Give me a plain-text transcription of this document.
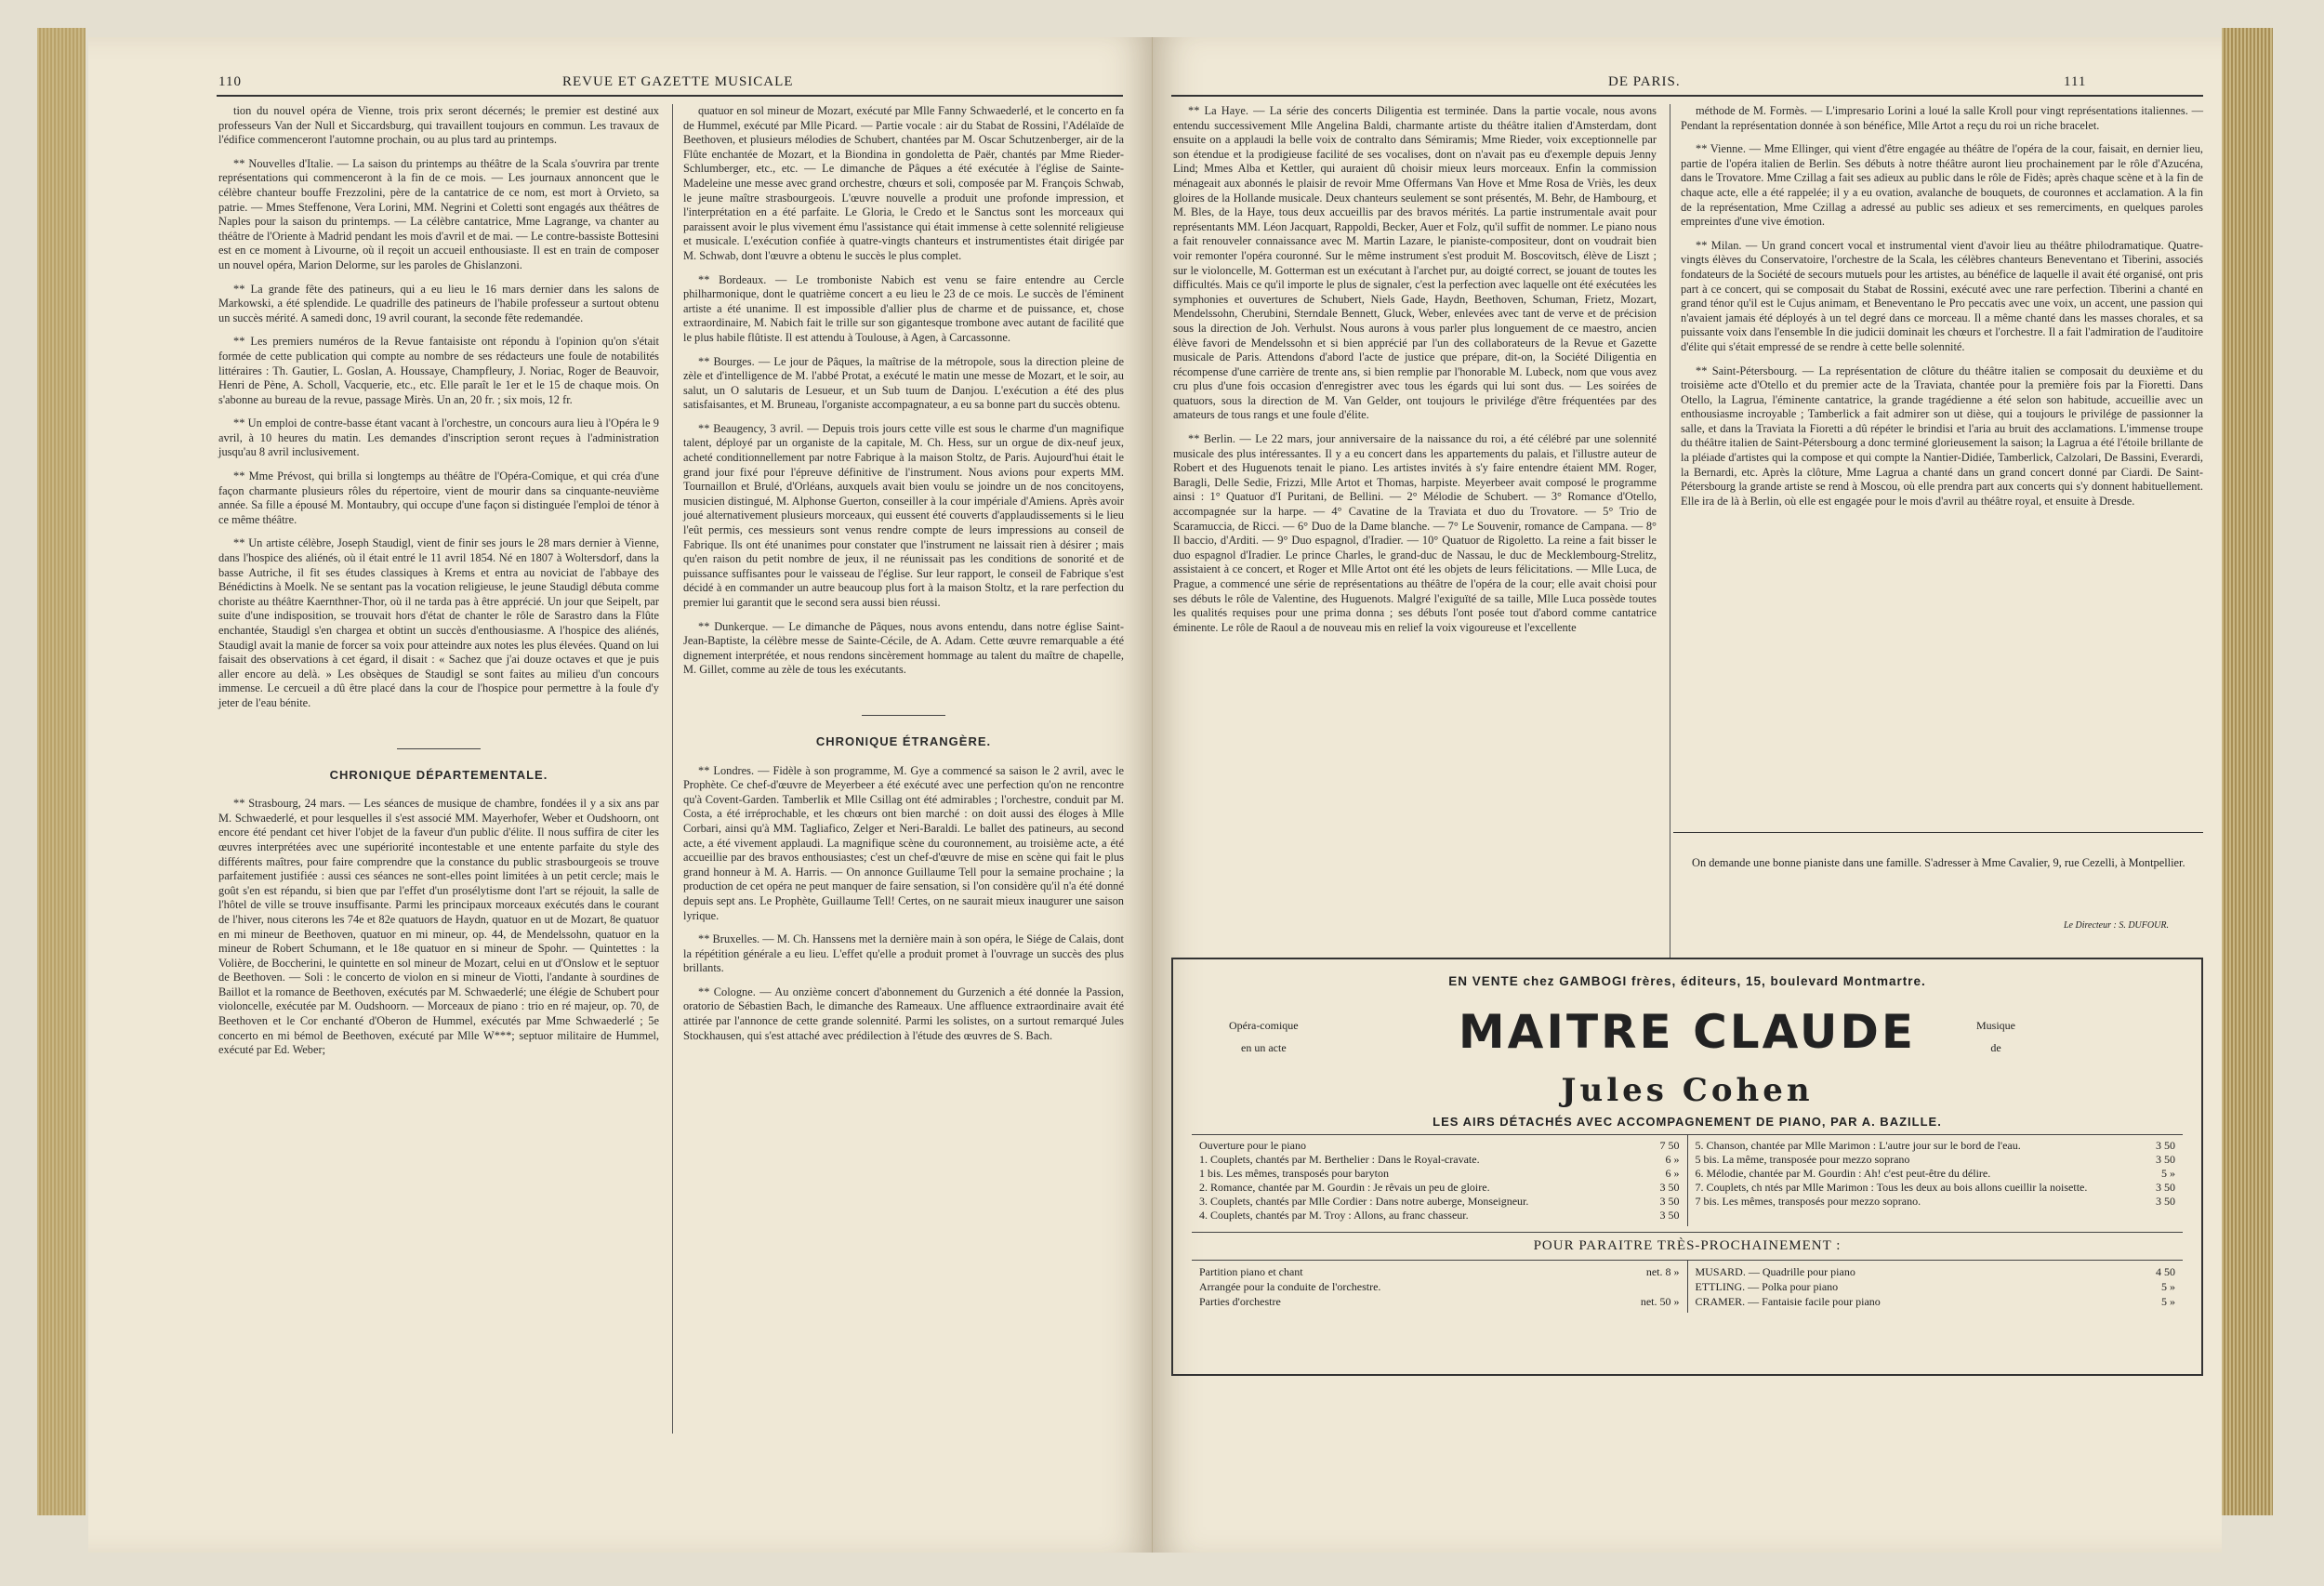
110	REVUE ET GAZETTE MUSICALE

tion du nouvel opéra de Vienne, trois prix seront décernés; le premier est destiné aux professeurs Van der Null et Siccardsburg, qui travaillent toujours en commun. Les travaux de l'édifice commenceront l'automne prochain, ou au plus tard au printemps.

** Nouvelles d'Italie. — La saison du printemps au théâtre de la Scala s'ouvrira par trente représentations qui commenceront à la fin de ce mois. — Les journaux annoncent que le célèbre chanteur bouffe Frezzolini, père de la cantatrice de ce nom, est mort à Orvieto, sa patrie. — Mmes Steffenone, Vera Lorini, MM. Negrini et Coletti sont engagés aux théâtres de Naples pour la saison du printemps. — La célèbre cantatrice, Mme Lagrange, va chanter au théâtre de l'Oriente à Madrid pendant les mois d'avril et de mai. — Le contre-bassiste Bottesini est en ce moment à Livourne, où il reçoit un accueil enthousiaste. Il est en train de composer un nouvel opéra, Marion Delorme, sur les paroles de Ghislanzoni.

** La grande fête des patineurs, qui a eu lieu le 16 mars dernier dans les salons de Markowski, a été splendide. Le quadrille des patineurs de l'habile professeur a surtout obtenu un succès mérité. A samedi donc, 19 avril courant, la seconde fête redemandée.

** Les premiers numéros de la Revue fantaisiste ont répondu à l'opinion qu'on s'était formée de cette publication qui compte au nombre de ses rédacteurs une foule de notabilités littéraires : Th. Gautier, L. Goslan, A. Houssaye, Champfleury, J. Noriac, Roger de Beauvoir, Henri de Pène, A. Scholl, Vacquerie, etc., etc. Elle paraît le 1er et le 15 de chaque mois. On s'abonne au bureau de la revue, passage Mirès. Un an, 20 fr. ; six mois, 12 fr.

** Un emploi de contre-basse étant vacant à l'orchestre, un concours aura lieu à l'Opéra le 9 avril, à 10 heures du matin. Les demandes d'inscription seront reçues à l'administration jusqu'au 8 avril inclusivement.

** Mme Prévost, qui brilla si longtemps au théâtre de l'Opéra-Comique, et qui créa d'une façon charmante plusieurs rôles du répertoire, vient de mourir dans sa cinquante-neuvième année. Sa fille a épousé M. Montaubry, qui occupe d'une façon si distinguée l'emploi de ténor à ce même théâtre.

** Un artiste célèbre, Joseph Staudigl, vient de finir ses jours le 28 mars dernier à Vienne, dans l'hospice des aliénés, où il était entré le 11 avril 1854. Né en 1807 à Woltersdorf, dans la basse Autriche, il fit ses études classiques à Krems et entra au noviciat de l'abbaye des Bénédictins à Moelk. Ne se sentant pas la vocation religieuse, le jeune Staudigl débuta comme choriste au théâtre Kaernthner-Thor, où il ne tarda pas à être apprécié. Un jour que Seipelt, par suite d'une indisposition, se trouvait hors d'état de chanter le rôle de Sarastro dans la Flûte enchantée, Staudigl s'en chargea et obtint un succès d'enthousiasme. A l'hospice des aliénés, Staudigl avait la manie de forcer sa voix pour atteindre aux notes les plus élevées. Quand on lui faisait des observations à cet égard, il disait : « Sachez que j'ai douze octaves et que je puis aller encore au delà. » Les obsèques de Staudigl se sont faites au milieu d'un concours immense. Le cercueil a dû être placé dans la cour de l'hospice pour permettre à la foule d'y jeter de l'eau bénite.

CHRONIQUE DÉPARTEMENTALE.

** Strasbourg, 24 mars. — Les séances de musique de chambre, fondées il y a six ans par M. Schwaederlé, et pour lesquelles il s'est associé MM. Mayerhofer, Weber et Oudshoorn, ont encore été pendant cet hiver l'objet de la faveur d'un public d'élite. Il nous suffira de citer les œuvres interprétées avec une supériorité incontestable et une entente parfaite du style des différents maîtres, pour faire comprendre que la constance du public strasbourgeois se trouve parfaitement justifiée : aussi ces séances ne sont-elles point limitées à un petit cercle; mais le goût s'en est répandu, si bien que par l'effet d'un prosélytisme dont l'art se réjouit, la salle de l'hôtel de ville se trouve insuffisante. Parmi les principaux morceaux exécutés dans le courant de l'hiver, nous citerons les 74e et 82e quatuors de Haydn, quatuor en ut de Mozart, 8e quatuor en mi mineur de Beethoven, quatuor en mi mineur, op. 44, de Mendelssohn, quatuor en la mineur de Robert Schumann, et le 18e quatuor en si mineur de Spohr. — Quintettes : la Volière, de Boccherini, le quintette en sol mineur de Mozart, celui en ut d'Onslow et le septuor de Beethoven. — Soli : le concerto de violon en si mineur de Viotti, l'andante à sourdines de Baillot et la romance de Beethoven, exécutés par M. Schwaederlé; une élégie de Schubert pour violoncelle, exécutée par M. Oudshoorn. — Morceaux de piano : trio en ré majeur, op. 70, de Beethoven et le Cor enchanté d'Oberon de Hummel, exécutés par Mme Schwaederlé ; 5e concerto en mi bémol de Beethoven, exécuté par Mlle W***; septuor militaire de Hummel, exécuté par Ed. Weber;

quatuor en sol mineur de Mozart, exécuté par Mlle Fanny Schwaederlé, et le concerto en fa de Hummel, exécuté par Mlle Picard. — Partie vocale : air du Stabat de Rossini, l'Adélaïde de Beethoven, et plusieurs mélodies de Schubert, chantées par M. Oscar Schutzenberger, air de la Flûte enchantée de Mozart, et la Biondina in gondoletta de Paër, chantés par Mme Rieder-Schlumberger, etc., etc. — Le dimanche de Pâques a été exécutée à l'église de Sainte-Madeleine une messe avec grand orchestre, chœurs et soli, composée par M. François Schwab, le jeune maître strasbourgeois. L'œuvre nouvelle a produit une profonde impression, et l'interprétation en a été parfaite. Le Gloria, le Credo et le Sanctus sont les morceaux qui paraissent avoir le plus vivement ému l'assistance qui était immense à cette solennité religieuse et musicale. L'exécution confiée à quatre-vingts chanteurs et instrumentistes était dirigée par M. Schwab, dont l'œuvre a obtenu le succès le plus complet.

** Bordeaux. — Le tromboniste Nabich est venu se faire entendre au Cercle philharmonique, dont le quatrième concert a eu lieu le 23 de ce mois. Le succès de l'éminent artiste a été unanime. Il est impossible d'allier plus de charme et de puissance, et, chose extraordinaire, M. Nabich fait le trille sur son gigantesque trombone avec autant de facilité que le plus habile flûtiste. Il est attendu à Toulouse, à Agen, à Carcassonne.

** Bourges. — Le jour de Pâques, la maîtrise de la métropole, sous la direction pleine de zèle et d'intelligence de M. l'abbé Protat, a exécuté le matin une messe de Mozart, et le soir, au salut, un O salutaris de Lesueur, et un Sub tuum de Danjou. L'exécution a été des plus satisfaisantes, et M. Bruneau, l'organiste accompagnateur, a eu sa bonne part du succès obtenu.

** Beaugency, 3 avril. — Depuis trois jours cette ville est sous le charme d'un magnifique talent, déployé par un organiste de la capitale, M. Ch. Hess, sur un orgue de dix-neuf jeux, acheté conditionnellement par notre Fabrique à la maison Stoltz, de Paris. Aujourd'hui était le grand jour fixé pour l'épreuve définitive de l'instrument. Nous avions pour experts MM. Tournaillon et Brulé, d'Orléans, auxquels avait bien voulu se joindre un de nos concitoyens, musicien distingué, M. Alphonse Guerton, conseiller à la cour impériale d'Amiens. Après avoir joué alternativement plusieurs morceaux, qui eussent été couverts d'applaudissements si le lieu l'eût permis, ces messieurs sont venus rendre compte de leurs impressions au conseil de Fabrique. Ils ont été unanimes pour constater que l'instrument ne laissait rien à désirer ; mais qu'en raison du petit nombre de jeux, il ne réunissait pas les conditions de sonorité et de puissance suffisantes pour le vaisseau de l'église. Sur leur rapport, le conseil de Fabrique s'est décidé à en commander un autre beaucoup plus fort à la maison Stoltz, et la rare perfection du premier lui garantit que le second sera aussi bien réussi.

** Dunkerque. — Le dimanche de Pâques, nous avons entendu, dans notre église Saint-Jean-Baptiste, la célèbre messe de Sainte-Cécile, de A. Adam. Cette œuvre remarquable a été dignement interprétée, et nous rendons sincèrement hommage au talent du maître de chapelle, M. Gillet, comme au zèle de tous les exécutants.

CHRONIQUE ÉTRANGÈRE.

** Londres. — Fidèle à son programme, M. Gye a commencé sa saison le 2 avril, avec le Prophète. Ce chef-d'œuvre de Meyerbeer a été exécuté avec une perfection qu'on ne rencontre qu'à Covent-Garden. Tamberlik et Mlle Csillag ont été admirables ; l'orchestre, conduit par M. Costa, a été irréprochable, et les chœurs ont bien marché : on doit aussi des éloges à Mlle Corbari, ainsi qu'à MM. Tagliafico, Zelger et Neri-Baraldi. Le ballet des patineurs, au second acte, a été vivement applaudi. La magnifique scène du couronnement, au troisième acte, a été accueillie par des bravos enthousiastes; c'est un chef-d'œuvre de mise en scène qui fait le plus grand honneur à M. A. Harris. — On annonce Guillaume Tell pour la semaine prochaine ; la production de cet opéra ne peut manquer de faire sensation, si l'on considère qu'il n'a été donné depuis sept ans. Le Prophète, Guillaume Tell! Certes, on ne saurait mieux inaugurer une saison lyrique.

** Bruxelles. — M. Ch. Hanssens met la dernière main à son opéra, le Siége de Calais, dont la répétition générale a eu lieu. L'effet qu'elle a produit promet à l'ouvrage un succès des plus brillants.

** Cologne. — Au onzième concert d'abonnement du Gurzenich a été donnée la Passion, oratorio de Sébastien Bach, le dimanche des Rameaux. Une affluence extraordinaire avait été attirée par l'annonce de cette grande solennité. Parmi les solistes, on a surtout remarqué Jules Stockhausen, qui s'est attaché avec prédilection à l'étude des œuvres de S. Bach.

DE PARIS.	111

** La Haye. — La série des concerts Diligentia est terminée. Dans la partie vocale, nous avons entendu successivement Mlle Angelina Baldi, charmante artiste du théâtre italien d'Amsterdam, dont ensuite on a applaudi la belle voix de contralto dans Sémiramis; Mme Rieder, voix exceptionnelle par son étendue et la prodigieuse facilité de ses vocalises, dont on n'avait pas eu d'exemple depuis Jenny Lind; Mmes Alba et Kettler, qui auraient dû choisir mieux leurs morceaux. Enfin la commission ménageait aux abonnés le plaisir de revoir Mme Offermans Van Hove et Mme Rosa de Vriès, les deux gloires de la Hollande musicale. Deux chanteurs seulement se sont présentés, M. Behr, de Hambourg, et M. Bles, de la Haye, tous deux accueillis par des bravos mérités. La partie instrumentale avait pour représentants MM. Léon Jacquart, Rappoldi, Becker, Auer et Folz, qu'il suffit de nommer. Le piano nous a fait renouveler connaissance avec M. Martin Lazare, le pianiste-compositeur, dont on voudrait bien voir remonter l'opéra couronné. Sur le même instrument s'est produit M. Boscovitsch, élève de Liszt ; sur le violoncelle, M. Gotterman est un exécutant à l'archet pur, au doigté correct, se jouant de toutes les difficultés. Mais ce qu'il importe le plus de signaler, c'est la perfection avec laquelle ont été exécutées les symphonies et ouvertures de Schubert, Niels Gade, Haydn, Beethoven, Schuman, Frietz, Mozart, Mendelssohn, Cherubini, Sterndale Bennett, Gluck, Weber, enlevées avec tant de verve et de précision sous la direction de Joh. Verhulst. Nous aurons à vous parler plus longuement de ce maestro, ancien élève favori de Mendelssohn et si bien apprécié par l'un des collaborateurs de la Revue et Gazette musicale de Paris. Attendons d'abord l'acte de justice que prépare, dit-on, la Société Diligentia en récompense d'une carrière de trente ans, si bien remplie par l'honorable M. Lubeck, nom que vous avez cru plus d'une fois occasion d'enregistrer avec tous les égards qui lui sont dus. — Les soirées de quatuors, sous la direction de M. Van Gelder, ont toujours le privilége d'être fréquentées par des amateurs de tous rangs et une foule d'élite.

** Berlin. — Le 22 mars, jour anniversaire de la naissance du roi, a été célébré par une solennité musicale des plus intéressantes. Il y a eu concert dans les appartements du palais, et l'illustre auteur de Robert et des Huguenots tenait le piano. Les artistes invités à s'y faire entendre étaient MM. Roger, Baragli, Delle Sedie, Frizzi, Mlle Artot et Thomas, harpiste. Meyerbeer avait composé le programme ainsi : 1° Quatuor d'I Puritani, de Bellini. — 2° Mélodie de Schubert. — 3° Romance d'Otello, accompagnée sur la harpe. — 4° Cavatine de la Traviata et duo du Trovatore. — 5° Trio de Scaramuccia, de Ricci. — 6° Duo de la Dame blanche. — 7° Le Souvenir, romance de Campana. — 8° Il baccio, d'Arditi. — 9° Duo espagnol, d'Iradier. — 10° Quatuor de Rigoletto. La reine a fait bisser le duo espagnol d'Iradier. Le prince Charles, le grand-duc de Nassau, le duc de Mecklembourg-Strelitz, assistaient à ce concert, et Roger et Mlle Artot ont été les objets de leurs félicitations. — Mlle Luca, de Prague, a commencé une série de représentations au théâtre de l'opéra de la cour; elle avait choisi pour ses débuts le rôle de Valentine, des Huguenots. Malgré l'exiguïté de sa taille, Mlle Luca possède toutes les qualités requises pour une prima donna ; ses débuts l'ont posée tout d'abord comme cantatrice éminente. Le rôle de Raoul a de nouveau mis en relief la voix vigoureuse et l'excellente

méthode de M. Formès. — L'impresario Lorini a loué la salle Kroll pour vingt représentations italiennes. — Pendant la représentation donnée à son bénéfice, Mlle Artot a reçu du roi un riche bracelet.

** Vienne. — Mme Ellinger, qui vient d'être engagée au théâtre de l'opéra de la cour, faisait, en dernier lieu, partie de l'opéra italien de Berlin. Ses débuts à notre théâtre auront lieu prochainement par le rôle d'Azucéna, dans le Trovatore. Mme Czillag a fait ses adieux au public dans le rôle de Fidès; après chaque scène et à la fin de chaque acte, elle a été rappelée; il y a eu ovation, avalanche de bouquets, de couronnes et acclamation. A la fin de la représentation, Mme Czillag a adressé au public ses adieux et ses remerciments, en quelques paroles empreintes d'une vive émotion.

** Milan. — Un grand concert vocal et instrumental vient d'avoir lieu au théâtre philodramatique. Quatre-vingts élèves du Conservatoire, l'orchestre de la Scala, les célèbres chanteurs Beneventano et Tiberini, associés fondateurs de la Société de secours mutuels pour les artistes, au bénéfice de laquelle il avait été organisé, ont pris part à ce concert, qui se composait du Stabat de Rossini, exécuté avec une rare perfection. Tiberini a chanté en grand ténor qu'il est le Cujus animam, et Beneventano le Pro peccatis avec une voix, un accent, une passion qui n'avaient jamais été déployés à un tel degré dans ce morceau. Il a même chanté dans les masses chorales, et sa puissante voix dans l'ensemble In die judicii dominait les chœurs et l'orchestre. Il a fait l'admiration de l'auditoire d'élite qui s'était empressé de se rendre à cette belle solennité.

** Saint-Pétersbourg. — La représentation de clôture du théâtre italien se composait du deuxième et du troisième acte d'Otello et du premier acte de la Traviata, chantée pour la première fois par la Fioretti. Dans Otello, la Lagrua, l'éminente cantatrice, la grande tragédienne a été selon son habitude, accueillie avec un enthousiasme incroyable ; Tamberlick a fait admirer son ut dièse, qui a toujours le privilége de passionner la salle, et dans la Traviata la Fioretti a dû répéter le brindisi et l'aria au bruit des acclamations. L'immense troupe du théâtre italien de Saint-Pétersbourg a donc terminé glorieusement la saison; la Lagrua a été l'étoile brillante de la pléiade d'artistes qui la compose et qui compte la Nantier-Didiée, Tamberlick, Calzolari, De Bassini, Everardi, la Bernardi, etc. Après la clôture, Mme Lagrua a chanté dans un grand concert donné par Ciardi. De Saint-Pétersbourg la grande artiste se rend à Moscou, où elle prendra part aux concerts qui s'y donnent habituellement. Elle ira de là à Berlin, où elle est engagée pour le mois d'avril au théâtre royal, et ensuite à Dresde.

On demande une bonne pianiste dans une famille. S'adresser à Mme Cavalier, 9, rue Cezelli, à Montpellier.
Le Directeur : S. DUFOUR.
EN VENTE chez GAMBOGI frères, éditeurs, 15, boulevard Montmartre.
Opéra-comique
en un acte	MAITRE CLAUDE	Musique
de
Jules Cohen
LES AIRS DÉTACHÉS AVEC ACCOMPAGNEMENT DE PIANO, PAR A. BAZILLE.
Ouverture pour le piano	7 50
1. Couplets, chantés par M. Berthelier : Dans le Royal-cravate.	6 »
1 bis. Les mêmes, transposés pour baryton	6 »
2. Romance, chantée par M. Gourdin : Je rêvais un peu de gloire.	3 50
3. Couplets, chantés par Mlle Cordier : Dans notre auberge, Monseigneur.	3 50
4. Couplets, chantés par M. Troy : Allons, au franc chasseur.	3 50
5. Chanson, chantée par Mlle Marimon : L'autre jour sur le bord de l'eau.	3 50
5 bis. La même, transposée pour mezzo soprano	3 50
6. Mélodie, chantée par M. Gourdin : Ah! c'est peut-être du délire.	5 »
7. Couplets, ch ntés par Mlle Marimon : Tous les deux au bois allons cueillir la noisette.	3 50
7 bis. Les mêmes, transposés pour mezzo soprano.	3 50
POUR PARAITRE TRÈS-PROCHAINEMENT :
Partition piano et chant	net. 8 »
Arrangée pour la conduite de l'orchestre.
Parties d'orchestre	net. 50 »
MUSARD. — Quadrille pour piano	4 50
ETTLING. — Polka pour piano	5 »
CRAMER. — Fantaisie facile pour piano	5 »
